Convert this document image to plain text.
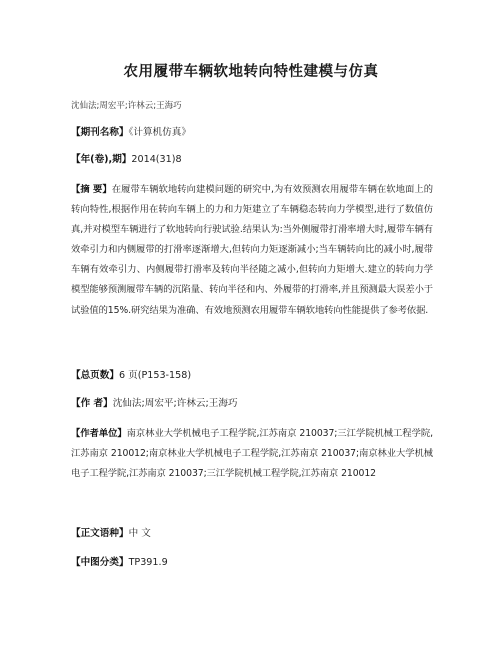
农用履带车辆软地转向特性建模与仿真
沈仙法;周宏平;许林云;王海巧
【期刊名称】《计算机仿真》
【年(卷),期】2014(31)8
【摘 要】在履带车辆软地转向建模问题的研究中,为有效预测农用履带车辆在软地面上的转向特性,根据作用在转向车辆上的力和力矩建立了车辆稳态转向力学模型,进行了数值仿真,并对模型车辆进行了软地转向行驶试验.结果认为:当外侧履带打滑率增大时,履带车辆有效牵引力和内侧履带的打滑率逐渐增大,但转向力矩逐渐减小;当车辆转向比的减小时,履带车辆有效牵引力、内侧履带打滑率及转向半径随之减小,但转向力矩增大.建立的转向力学模型能够预测履带车辆的沉陷量、转向半径和内、外履带的打滑率,并且预测最大误差小于试验值的15%.研究结果为准确、有效地预测农用履带车辆软地转向性能提供了参考依据.
【总页数】6 页(P153-158)
【作 者】沈仙法;周宏平;许林云;王海巧
【作者单位】南京林业大学机械电子工程学院,江苏南京 210037;三江学院机械工程学院,江苏南京 210012;南京林业大学机械电子工程学院,江苏南京 210037;南京林业大学机械电子工程学院,江苏南京 210037;三江学院机械工程学院,江苏南京 210012
【正文语种】中 文
【中图分类】TP391.9
